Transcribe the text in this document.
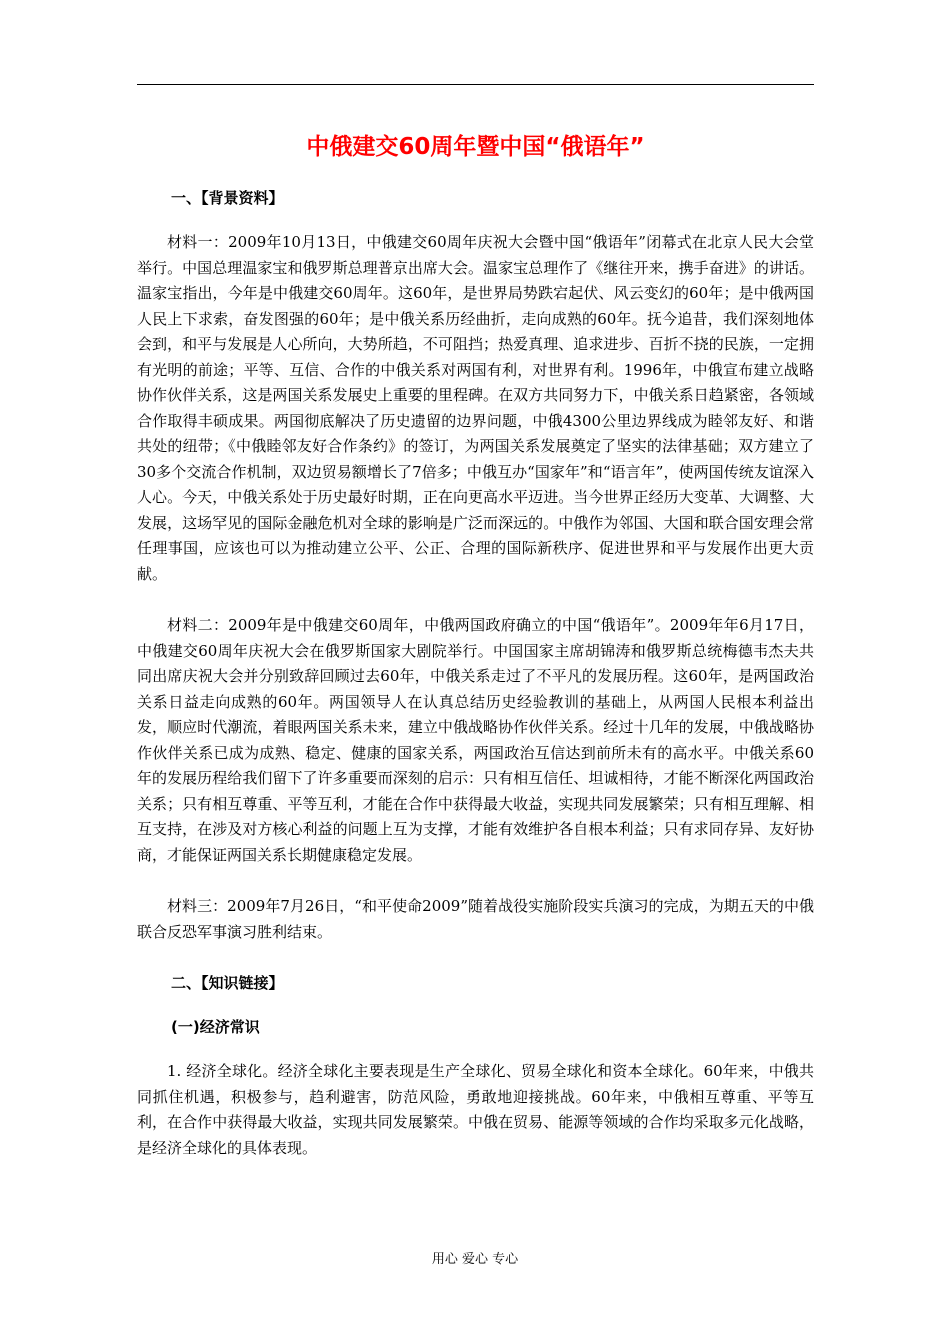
中俄建交60周年暨中国“俄语年”
一、【背景资料】

材料一：2009年10月13日，中俄建交60周年庆祝大会暨中国“俄语年”闭幕式在北京人民大会堂举行。中国总理温家宝和俄罗斯总理普京出席大会。温家宝总理作了《继往开来，携手奋进》的讲话。温家宝指出，今年是中俄建交60周年。这60年，是世界局势跌宕起伏、风云变幻的60年；是中俄两国人民上下求索，奋发图强的60年；是中俄关系历经曲折，走向成熟的60年。抚今追昔，我们深刻地体会到，和平与发展是人心所向，大势所趋，不可阻挡；热爱真理、追求进步、百折不挠的民族，一定拥有光明的前途；平等、互信、合作的中俄关系对两国有利，对世界有利。1996年，中俄宣布建立战略协作伙伴关系，这是两国关系发展史上重要的里程碑。在双方共同努力下，中俄关系日趋紧密，各领域合作取得丰硕成果。两国彻底解决了历史遗留的边界问题，中俄4300公里边界线成为睦邻友好、和谐共处的纽带；《中俄睦邻友好合作条约》的签订，为两国关系发展奠定了坚实的法律基础；双方建立了30多个交流合作机制，双边贸易额增长了7倍多；中俄互办“国家年”和“语言年”，使两国传统友谊深入人心。今天，中俄关系处于历史最好时期，正在向更高水平迈进。当今世界正经历大变革、大调整、大发展，这场罕见的国际金融危机对全球的影响是广泛而深远的。中俄作为邻国、大国和联合国安理会常任理事国，应该也可以为推动建立公平、公正、合理的国际新秩序、促进世界和平与发展作出更大贡献。

材料二：2009年是中俄建交60周年，中俄两国政府确立的中国“俄语年”。2009年年6月17日，中俄建交60周年庆祝大会在俄罗斯国家大剧院举行。中国国家主席胡锦涛和俄罗斯总统梅德韦杰夫共同出席庆祝大会并分别致辞回顾过去60年，中俄关系走过了不平凡的发展历程。这60年，是两国政治关系日益走向成熟的60年。两国领导人在认真总结历史经验教训的基础上，从两国人民根本利益出发，顺应时代潮流，着眼两国关系未来，建立中俄战略协作伙伴关系。经过十几年的发展，中俄战略协作伙伴关系已成为成熟、稳定、健康的国家关系，两国政治互信达到前所未有的高水平。中俄关系60年的发展历程给我们留下了许多重要而深刻的启示：只有相互信任、坦诚相待，才能不断深化两国政治关系；只有相互尊重、平等互利，才能在合作中获得最大收益，实现共同发展繁荣；只有相互理解、相互支持，在涉及对方核心利益的问题上互为支撑，才能有效维护各自根本利益；只有求同存异、友好协商，才能保证两国关系长期健康稳定发展。

材料三：2009年7月26日，“和平使命2009”随着战役实施阶段实兵演习的完成，为期五天的中俄联合反恐军事演习胜利结束。

二、【知识链接】
(一)经济常识

1. 经济全球化。经济全球化主要表现是生产全球化、贸易全球化和资本全球化。60年来，中俄共同抓住机遇，积极参与，趋利避害，防范风险，勇敢地迎接挑战。60年来，中俄相互尊重、平等互利，在合作中获得最大收益，实现共同发展繁荣。中俄在贸易、能源等领域的合作均采取多元化战略，是经济全球化的具体表现。

用心 爱心 专心
